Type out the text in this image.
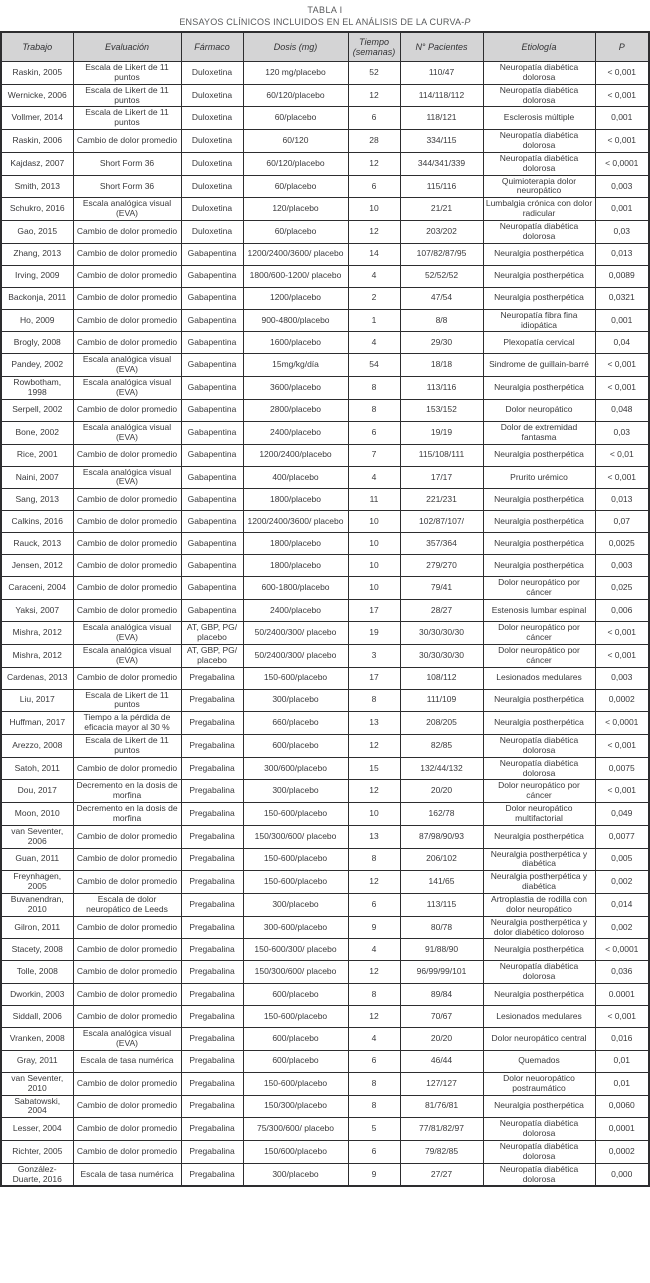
TABLA I
ENSAYOS CLÍNICOS INCLUIDOS EN EL ANÁLISIS DE LA CURVA-P
Trabajo	Evaluación	Fármaco	Dosis (mg)	Tiempo (semanas)	N° Pacientes	Etiología	P
Raskin, 2005	Escala de Likert de 11 puntos	Duloxetina	120 mg/placebo	52	110/47	Neuropatía diabética dolorosa	< 0,001
Wernicke, 2006	Escala de Likert de 11 puntos	Duloxetina	60/120/placebo	12	114/118/112	Neuropatía diabética dolorosa	< 0,001
Vollmer, 2014	Escala de Likert de 11 puntos	Duloxetina	60/placebo	6	118/121	Esclerosis múltiple	0,001
Raskin, 2006	Cambio de dolor promedio	Duloxetina	60/120	28	334/115	Neuropatía diabética dolorosa	< 0,001
Kajdasz, 2007	Short Form 36	Duloxetina	60/120/placebo	12	344/341/339	Neuropatía diabética dolorosa	< 0,0001
Smith, 2013	Short Form 36	Duloxetina	60/placebo	6	115/116	Quimioterapia dolor neuropático	0,003
Schukro, 2016	Escala analógica visual (EVA)	Duloxetina	120/placebo	10	21/21	Lumbalgia crónica con dolor radicular	0,001
Gao, 2015	Cambio de dolor promedio	Duloxetina	60/placebo	12	203/202	Neuropatía diabética dolorosa	0,03
Zhang, 2013	Cambio de dolor promedio	Gabapentina	1200/2400/3600/ placebo	14	107/82/87/95	Neuralgia postherpética	0,013
Irving, 2009	Cambio de dolor promedio	Gabapentina	1800/600-1200/ placebo	4	52/52/52	Neuralgia postherpética	0,0089
Backonja, 2011	Cambio de dolor promedio	Gabapentina	1200/placebo	2	47/54	Neuralgia postherpética	0,0321
Ho, 2009	Cambio de dolor promedio	Gabapentina	900-4800/placebo	1	8/8	Neuropatía fibra fina idiopática	0,001
Brogly, 2008	Cambio de dolor promedio	Gabapentina	1600/placebo	4	29/30	Plexopatía cervical	0,04
Pandey, 2002	Escala analógica visual (EVA)	Gabapentina	15mg/kg/día	54	18/18	Sindrome de guillain-barré	< 0,001
Rowbotham, 1998	Escala analógica visual (EVA)	Gabapentina	3600/placebo	8	113/116	Neuralgia postherpética	< 0,001
Serpell, 2002	Cambio de dolor promedio	Gabapentina	2800/placebo	8	153/152	Dolor neuropático	0,048
Bone, 2002	Escala analógica visual (EVA)	Gabapentina	2400/placebo	6	19/19	Dolor de extremidad fantasma	0,03
Rice, 2001	Cambio de dolor promedio	Gabapentina	1200/2400/placebo	7	115/108/111	Neuralgia postherpética	< 0,01
Naini, 2007	Escala analógica visual (EVA)	Gabapentina	400/placebo	4	17/17	Prurito urémico	< 0,001
Sang, 2013	Cambio de dolor promedio	Gabapentina	1800/placebo	11	221/231	Neuralgia postherpética	0,013
Calkins, 2016	Cambio de dolor promedio	Gabapentina	1200/2400/3600/ placebo	10	102/87/107/	Neuralgia postherpética	0,07
Rauck, 2013	Cambio de dolor promedio	Gabapentina	1800/placebo	10	357/364	Neuralgia postherpética	0,0025
Jensen, 2012	Cambio de dolor promedio	Gabapentina	1800/placebo	10	279/270	Neuralgia postherpética	0,003
Caraceni, 2004	Cambio de dolor promedio	Gabapentina	600-1800/placebo	10	79/41	Dolor neuropático por cáncer	0,025
Yaksi, 2007	Cambio de dolor promedio	Gabapentina	2400/placebo	17	28/27	Estenosis lumbar espinal	0,006
Mishra, 2012	Escala analógica visual (EVA)	AT, GBP, PG/ placebo	50/2400/300/ placebo	19	30/30/30/30	Dolor neuropático por cáncer	< 0,001
Mishra, 2012	Escala analógica visual (EVA)	AT, GBP, PG/ placebo	50/2400/300/ placebo	3	30/30/30/30	Dolor neuropático por cáncer	< 0,001
Cardenas, 2013	Cambio de dolor promedio	Pregabalina	150-600/placebo	17	108/112	Lesionados medulares	0,003
Liu, 2017	Escala de Likert de 11 puntos	Pregabalina	300/placebo	8	111/109	Neuralgia postherpética	0,0002
Huffman, 2017	Tiempo a la pérdida de eficacia mayor al 30 %	Pregabalina	660/placebo	13	208/205	Neuralgia postherpética	< 0,0001
Arezzo, 2008	Escala de Likert de 11 puntos	Pregabalina	600/placebo	12	82/85	Neuropatía diabética dolorosa	< 0,001
Satoh, 2011	Cambio de dolor promedio	Pregabalina	300/600/placebo	15	132/44/132	Neuropatía diabética dolorosa	0,0075
Dou, 2017	Decremento en la dosis de morfina	Pregabalina	300/placebo	12	20/20	Dolor neuropático por cáncer	< 0,001
Moon, 2010	Decremento en la dosis de morfina	Pregabalina	150-600/placebo	10	162/78	Dolor neuropático multifactorial	0,049
van Seventer, 2006	Cambio de dolor promedio	Pregabalina	150/300/600/ placebo	13	87/98/90/93	Neuralgia postherpética	0,0077
Guan, 2011	Cambio de dolor promedio	Pregabalina	150-600/placebo	8	206/102	Neuralgia postherpética y diabética	0,005
Freynhagen, 2005	Cambio de dolor promedio	Pregabalina	150-600/placebo	12	141/65	Neuralgia postherpética y diabética	0,002
Buvanendran, 2010	Escala de dolor neuropático de Leeds	Pregabalina	300/placebo	6	113/115	Artroplastia de rodilla con dolor neuropático	0,014
Gilron, 2011	Cambio de dolor promedio	Pregabalina	300-600/placebo	9	80/78	Neuralgia postherpética y dolor diabético doloroso	0,002
Stacety, 2008	Cambio de dolor promedio	Pregabalina	150-600/300/ placebo	4	91/88/90	Neuralgia postherpética	< 0,0001
Tolle, 2008	Cambio de dolor promedio	Pregabalina	150/300/600/ placebo	12	96/99/99/101	Neuropatía diabética dolorosa	0,036
Dworkin, 2003	Cambio de dolor promedio	Pregabalina	600/placebo	8	89/84	Neuralgia postherpética	0.0001
Siddall, 2006	Cambio de dolor promedio	Pregabalina	150-600/placebo	12	70/67	Lesionados medulares	< 0,001
Vranken, 2008	Escala analógica visual (EVA)	Pregabalina	600/placebo	4	20/20	Dolor neuropático central	0,016
Gray, 2011	Escala de tasa numérica	Pregabalina	600/placebo	6	46/44	Quemados	0,01
van Seventer, 2010	Cambio de dolor promedio	Pregabalina	150-600/placebo	8	127/127	Dolor neuoropático postraumático	0,01
Sabatowski, 2004	Cambio de dolor promedio	Pregabalina	150/300/placebo	8	81/76/81	Neuralgia postherpética	0,0060
Lesser, 2004	Cambio de dolor promedio	Pregabalina	75/300/600/ placebo	5	77/81/82/97	Neuropatía diabética dolorosa	0,0001
Richter, 2005	Cambio de dolor promedio	Pregabalina	150/600/placebo	6	79/82/85	Neuropatía diabética dolorosa	0,0002
González-Duarte, 2016	Escala de tasa numérica	Pregabalina	300/placebo	9	27/27	Neuropatía diabética dolorosa	0,000
